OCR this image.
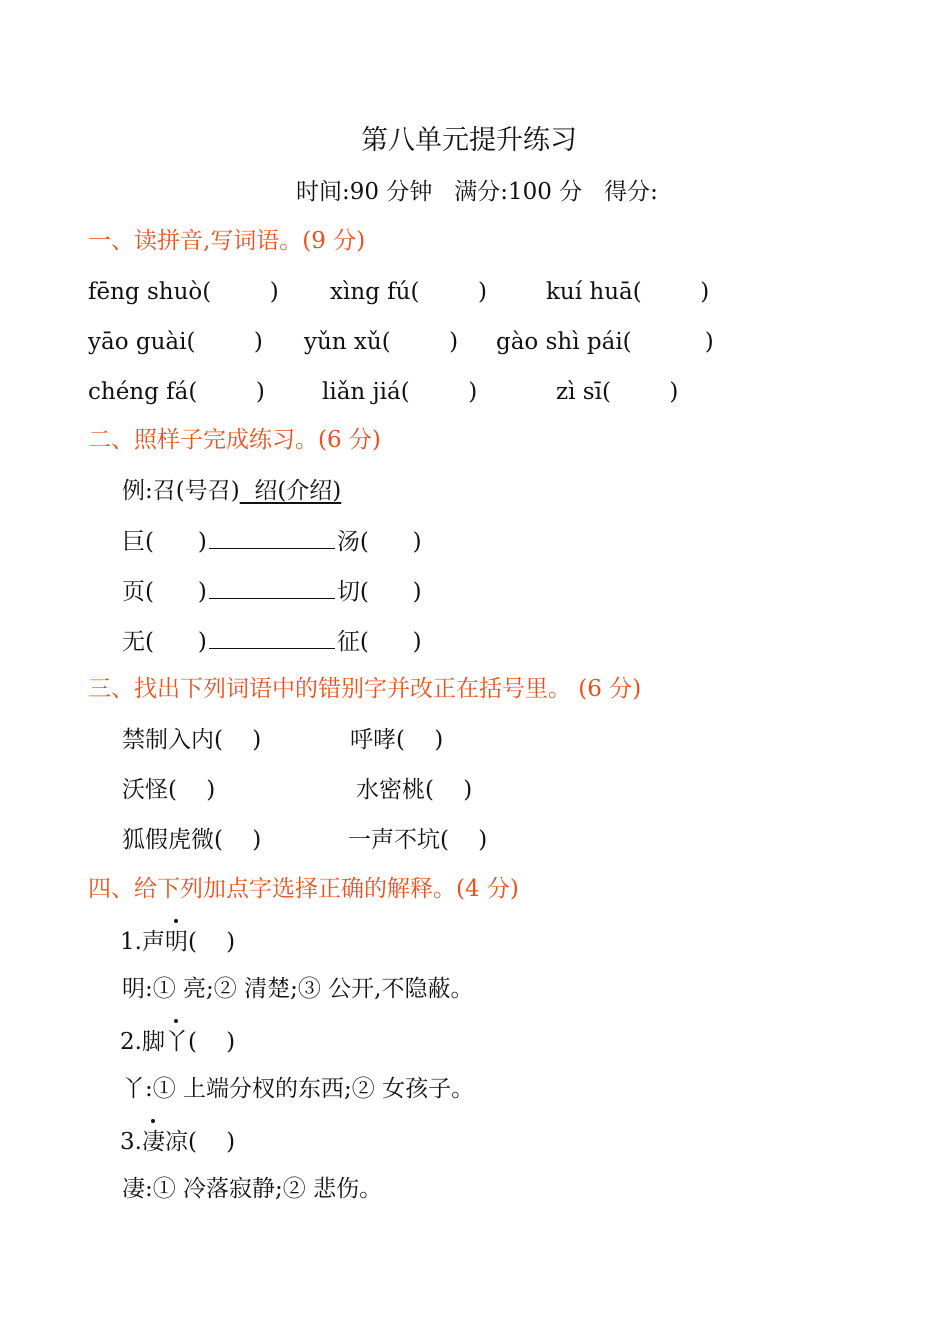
第八单元提升练习
时间:90 分钟   满分:100 分   得分:
一、读拼音,写词语。(9 分)
fēng shuò(        ) xìng fú(        )	kuí huā(        )
yāo guài(        ) yǔn xǔ(        ) gào shì pái(          )
chéng fá(        ) liǎn jiá(        )	zì sī(        )
二、照样子完成练习。(6 分)
例:召(号召)  绍(介绍)
巨(      )	汤(      )
页(      )	切(      )
无(      )	征(      )
三、找出下列词语中的错别字并改正在括号里。 (6 分)
禁制入内(    )	呼哮(    )
沃怪(    )	水密桃(    )
狐假虎微(    )	一声不坑(    )
四、给下列加点字选择正确的解释。(4 分)
1.声明(    )
明:① 亮;② 清楚;③ 公开,不隐蔽。
2.脚丫(    )
丫:① 上端分杈的东西;② 女孩子。
3.凄凉(    )
凄:① 冷落寂静;② 悲伤。
